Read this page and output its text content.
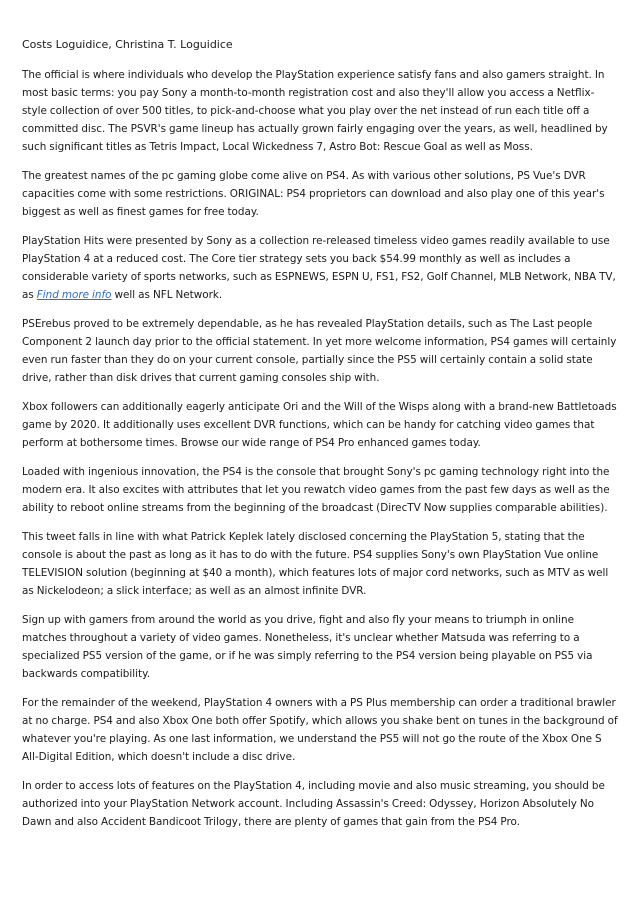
Costs Loguidice, Christina T. Loguidice

The official is where individuals who develop the PlayStation experience satisfy fans and also gamers straight. In most basic terms: you pay Sony a month-to-month registration cost and also they'll allow you access a Netflix-style collection of over 500 titles, to pick-and-choose what you play over the net instead of run each title off a committed disc. The PSVR's game lineup has actually grown fairly engaging over the years, as well, headlined by such significant titles as Tetris Impact, Local Wickedness 7, Astro Bot: Rescue Goal as well as Moss.

The greatest names of the pc gaming globe come alive on PS4. As with various other solutions, PS Vue's DVR capacities come with some restrictions. ORIGINAL: PS4 proprietors can download and also play one of this year's biggest as well as finest games for free today.

PlayStation Hits were presented by Sony as a collection re-released timeless video games readily available to use PlayStation 4 at a reduced cost. The Core tier strategy sets you back $54.99 monthly as well as includes a considerable variety of sports networks, such as ESPNEWS, ESPN U, FS1, FS2, Golf Channel, MLB Network, NBA TV, as Find more info well as NFL Network.

PSErebus proved to be extremely dependable, as he has revealed PlayStation details, such as The Last people Component 2 launch day prior to the official statement. In yet more welcome information, PS4 games will certainly even run faster than they do on your current console, partially since the PS5 will certainly contain a solid state drive, rather than disk drives that current gaming consoles ship with.

Xbox followers can additionally eagerly anticipate Ori and the Will of the Wisps along with a brand-new Battletoads game by 2020. It additionally uses excellent DVR functions, which can be handy for catching video games that perform at bothersome times. Browse our wide range of PS4 Pro enhanced games today.

Loaded with ingenious innovation, the PS4 is the console that brought Sony's pc gaming technology right into the modern era. It also excites with attributes that let you rewatch video games from the past few days as well as the ability to reboot online streams from the beginning of the broadcast (DirecTV Now supplies comparable abilities).

This tweet falls in line with what Patrick Keplek lately disclosed concerning the PlayStation 5, stating that the console is about the past as long as it has to do with the future. PS4 supplies Sony's own PlayStation Vue online TELEVISION solution (beginning at $40 a month), which features lots of major cord networks, such as MTV as well as Nickelodeon; a slick interface; as well as an almost infinite DVR.

Sign up with gamers from around the world as you drive, fight and also fly your means to triumph in online matches throughout a variety of video games. Nonetheless, it's unclear whether Matsuda was referring to a specialized PS5 version of the game, or if he was simply referring to the PS4 version being playable on PS5 via backwards compatibility.

For the remainder of the weekend, PlayStation 4 owners with a PS Plus membership can order a traditional brawler at no charge. PS4 and also Xbox One both offer Spotify, which allows you shake bent on tunes in the background of whatever you're playing. As one last information, we understand the PS5 will not go the route of the Xbox One S All-Digital Edition, which doesn't include a disc drive.

In order to access lots of features on the PlayStation 4, including movie and also music streaming, you should be authorized into your PlayStation Network account. Including Assassin's Creed: Odyssey, Horizon Absolutely No Dawn and also Accident Bandicoot Trilogy, there are plenty of games that gain from the PS4 Pro.
